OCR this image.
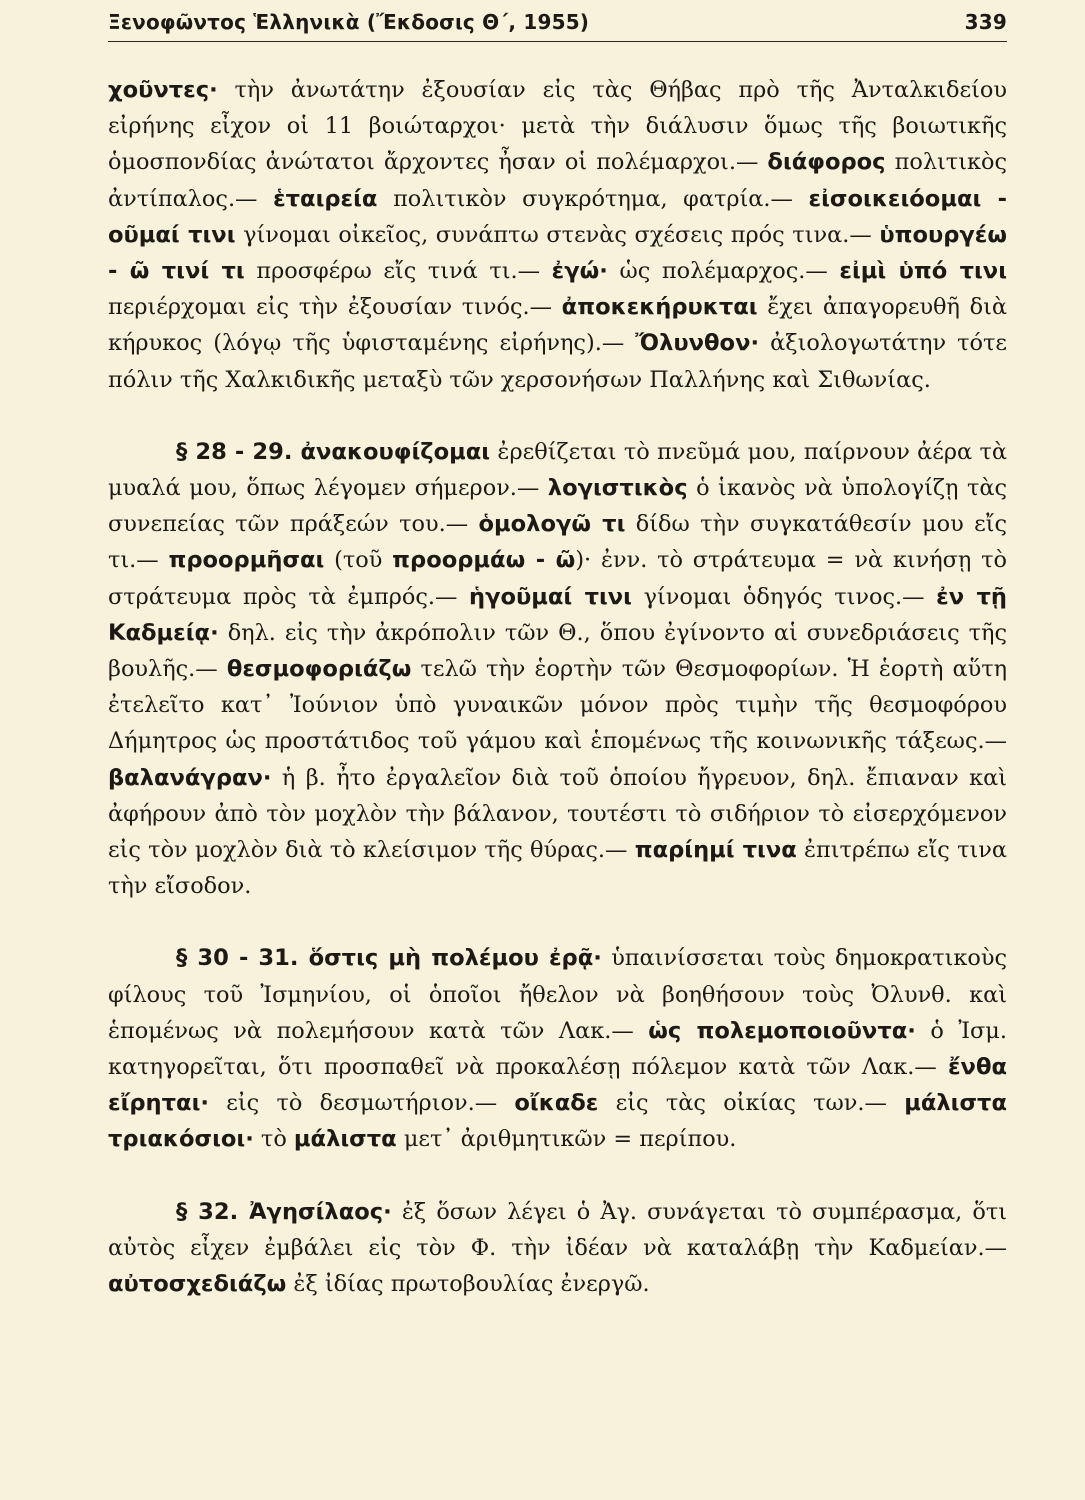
Ξενοφῶντος Ἑλληνικὰ (Ἔκδοσις Θ΄, 1955)	339

χοῦντες· τὴν ἀνωτάτην ἐξουσίαν εἰς τὰς Θήβας πρὸ τῆς Ἀνταλκιδείου εἰρήνης εἶχον οἱ 11 βοιώταρχοι· μετὰ τὴν διάλυσιν ὅμως τῆς βοιωτικῆς ὁμοσπονδίας ἀνώτατοι ἄρχοντες ἦσαν οἱ πολέμαρχοι.— διάφορος πολιτικὸς ἀντίπαλος.— ἑταιρεία πολιτικὸν συγκρότημα, φατρία.— εἰσοικειόομαι - οῦμαί τινι γίνομαι οἰκεῖος, συνάπτω στενὰς σχέσεις πρός τινα.— ὑπουργέω - ῶ τινί τι προσφέρω εἴς τινά τι.— ἐγώ· ὡς πολέμαρχος.— εἰμὶ ὑπό τινι περιέρχομαι εἰς τὴν ἐξουσίαν τινός.— ἀποκεκήρυκται ἔχει ἀπαγορευθῆ διὰ κήρυκος (λόγῳ τῆς ὑφισταμένης εἰρήνης).— Ὄλυνθον· ἀξιολογωτάτην τότε πόλιν τῆς Χαλκιδικῆς μεταξὺ τῶν χερσονήσων Παλλήνης καὶ Σιθωνίας.

§ 28 - 29. ἀνακουφίζομαι ἐρεθίζεται τὸ πνεῦμά μου, παίρνουν ἀέρα τὰ μυαλά μου, ὅπως λέγομεν σήμερον.— λογιστικὸς ὁ ἱκανὸς νὰ ὑπολογίζῃ τὰς συνεπείας τῶν πράξεών του.— ὁμολογῶ τι δίδω τὴν συγκατάθεσίν μου εἴς τι.— προορμῆσαι (τοῦ προορμάω - ῶ)· ἐνν. τὸ στράτευμα = νὰ κινήσῃ τὸ στράτευμα πρὸς τὰ ἐμπρός.— ἡγοῦμαί τινι γίνομαι ὁδηγός τινος.— ἐν τῇ Καδμείᾳ· δηλ. εἰς τὴν ἀκρόπολιν τῶν Θ., ὅπου ἐγίνοντο αἱ συνεδριάσεις τῆς βουλῆς.— θεσμοφοριάζω τελῶ τὴν ἑορτὴν τῶν Θεσμοφορίων. Ἡ ἑορτὴ αὕτη ἐτελεῖτο κατ᾽ Ἰούνιον ὑπὸ γυναικῶν μόνον πρὸς τιμὴν τῆς θεσμοφόρου Δήμητρος ὡς προστάτιδος τοῦ γάμου καὶ ἑπομένως τῆς κοινωνικῆς τάξεως.— βαλανάγραν· ἡ β. ἦτο ἐργαλεῖον διὰ τοῦ ὁποίου ἤγρευον, δηλ. ἔπιαναν καὶ ἀφήρουν ἀπὸ τὸν μοχλὸν τὴν βάλανον, τουτέστι τὸ σιδήριον τὸ εἰσερχόμενον εἰς τὸν μοχλὸν διὰ τὸ κλείσιμον τῆς θύρας.— παρίημί τινα ἐπιτρέπω εἴς τινα τὴν εἴσοδον.

§ 30 - 31. ὅστις μὴ πολέμου ἐρᾷ· ὑπαινίσσεται τοὺς δημοκρατικοὺς φίλους τοῦ Ἰσμηνίου, οἱ ὁποῖοι ἤθελον νὰ βοηθήσουν τοὺς Ὀλυνθ. καὶ ἑπομένως νὰ πολεμήσουν κατὰ τῶν Λακ.— ὡς πολεμοποιοῦντα· ὁ Ἰσμ. κατηγορεῖται, ὅτι προσπαθεῖ νὰ προκαλέσῃ πόλεμον κατὰ τῶν Λακ.— ἔνθα εἴρηται· εἰς τὸ δεσμωτήριον.— οἴκαδε εἰς τὰς οἰκίας των.— μάλιστα τριακόσιοι· τὸ μάλιστα μετ᾽ ἀριθμητικῶν = περίπου.

§ 32. Ἀγησίλαος· ἐξ ὅσων λέγει ὁ Ἀγ. συνάγεται τὸ συμπέρασμα, ὅτι αὐτὸς εἶχεν ἐμβάλει εἰς τὸν Φ. τὴν ἰδέαν νὰ καταλάβῃ τὴν Καδμείαν.— αὐτοσχεδιάζω ἐξ ἰδίας πρωτοβουλίας ἐνεργῶ.
